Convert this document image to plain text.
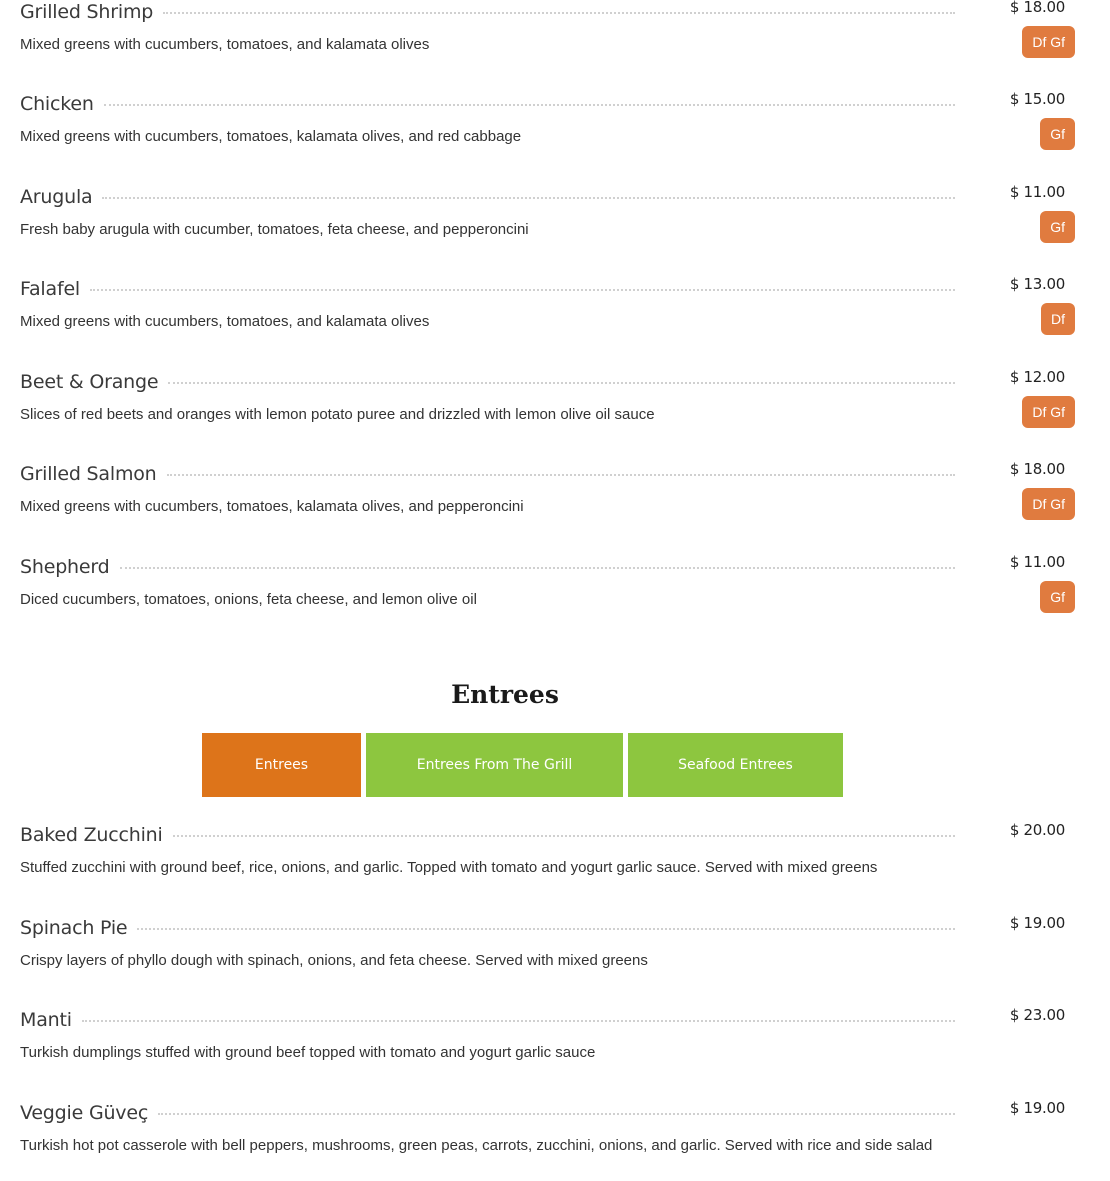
Grilled Shrimp	$ 18.00
Mixed greens with cucumbers, tomatoes, and kalamata olives	Df Gf
Chicken	$ 15.00
Mixed greens with cucumbers, tomatoes, kalamata olives, and red cabbage	Gf
Arugula	$ 11.00
Fresh baby arugula with cucumber, tomatoes, feta cheese, and pepperoncini	Gf
Falafel	$ 13.00
Mixed greens with cucumbers, tomatoes, and kalamata olives	Df
Beet & Orange	$ 12.00
Slices of red beets and oranges with lemon potato puree and drizzled with lemon olive oil sauce	Df Gf
Grilled Salmon	$ 18.00
Mixed greens with cucumbers, tomatoes, kalamata olives, and pepperoncini	Df Gf
Shepherd	$ 11.00
Diced cucumbers, tomatoes, onions, feta cheese, and lemon olive oil	Gf
Entrees
Entrees	Entrees From The Grill	Seafood Entrees
Baked Zucchini	$ 20.00
Stuffed zucchini with ground beef, rice, onions, and garlic. Topped with tomato and yogurt garlic sauce. Served with mixed greens
Spinach Pie	$ 19.00
Crispy layers of phyllo dough with spinach, onions, and feta cheese. Served with mixed greens
Manti	$ 23.00
Turkish dumplings stuffed with ground beef topped with tomato and yogurt garlic sauce
Veggie Güveç	$ 19.00
Turkish hot pot casserole with bell peppers, mushrooms, green peas, carrots, zucchini, onions, and garlic. Served with rice and side salad
